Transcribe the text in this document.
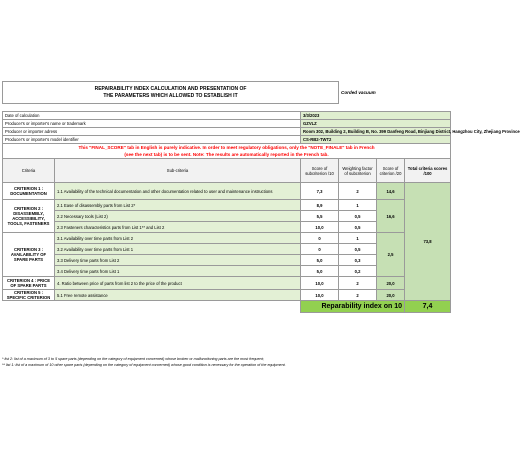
REPAIRABILITY INDEX CALCULATION AND PRESENTATION OF
THE PARAMETERS WHICH ALLOWED TO ESTABLISH IT			Corded vacuum		

Date of calculation		3/3/2023			
Producer's or importer's name or trademark		GZVLZ			
Producer or importer adress		Room 302, Building 2, Building B, No. 399 Danfeng Road, Binjiang District, Hangzhou City, Zhejiang Province			
Producer's or importer's model identifier		CS-RB2-TWT2			
This "FINAL_SCORE" tab in English is purely indicative. In order to meet regulatory obligations, only the "NOTE_FINALE" tab in French
(see the next tab) is to be sent. Note: The results are automatically reported in the French tab.					
Criteria	Sub-criteria	Score of subcriterion /10	Weighting factor of subcriterion	Score of criterion /20	Total criteria scores /100
CRITERION 1 : DOCUMENTATION	1.1 Availability of the technical documentation and other documentation related to user and maintenance instructions	7,3	2	14,6	73,8
CRITERION 2 : DISASSEMBLY, ACCESSIBILITY, TOOLS, FASTENERS	2.1 Ease of disassembly parts from List 2*	8,9	1	16,6	
	2.2 Necessary tools (List 2)	5,5	0,5		
	2.3 Fasteners characteristics parts from List 1** and List 2	10,0	0,5		
CRITERION 3 : AVAILABILITY OF SPARE PARTS	3.1 Availability over time parts from List 2	0	1	2,5	
	3.2 Availability over time parts from List 1	0	0,5		
	3.3 Delivery time parts from List 2	5,0	0,3		
	3.4 Delivery time parts from List 1	5,0	0,2		
CRITERION 4 : PRICE OF SPARE PARTS	4. Ratio between price of parts from list 2 to the price of the product	10,0	2	20,0	
CRITERION 5 : SPECIFIC CRITERION	5.1 Free remote assistance	10,0	2	20,0	
		Reparability index on 10			7,4
* list 2: list of a maximum of 3 to 5 spare parts (depending on the category of equipment concerned) whose broken or malfunctioning parts are the most frequent;
** list 1: list of a maximum of 10 other spare parts (depending on the category of equipment concerned) whose good condition is necessary for the operation of the equipment.
